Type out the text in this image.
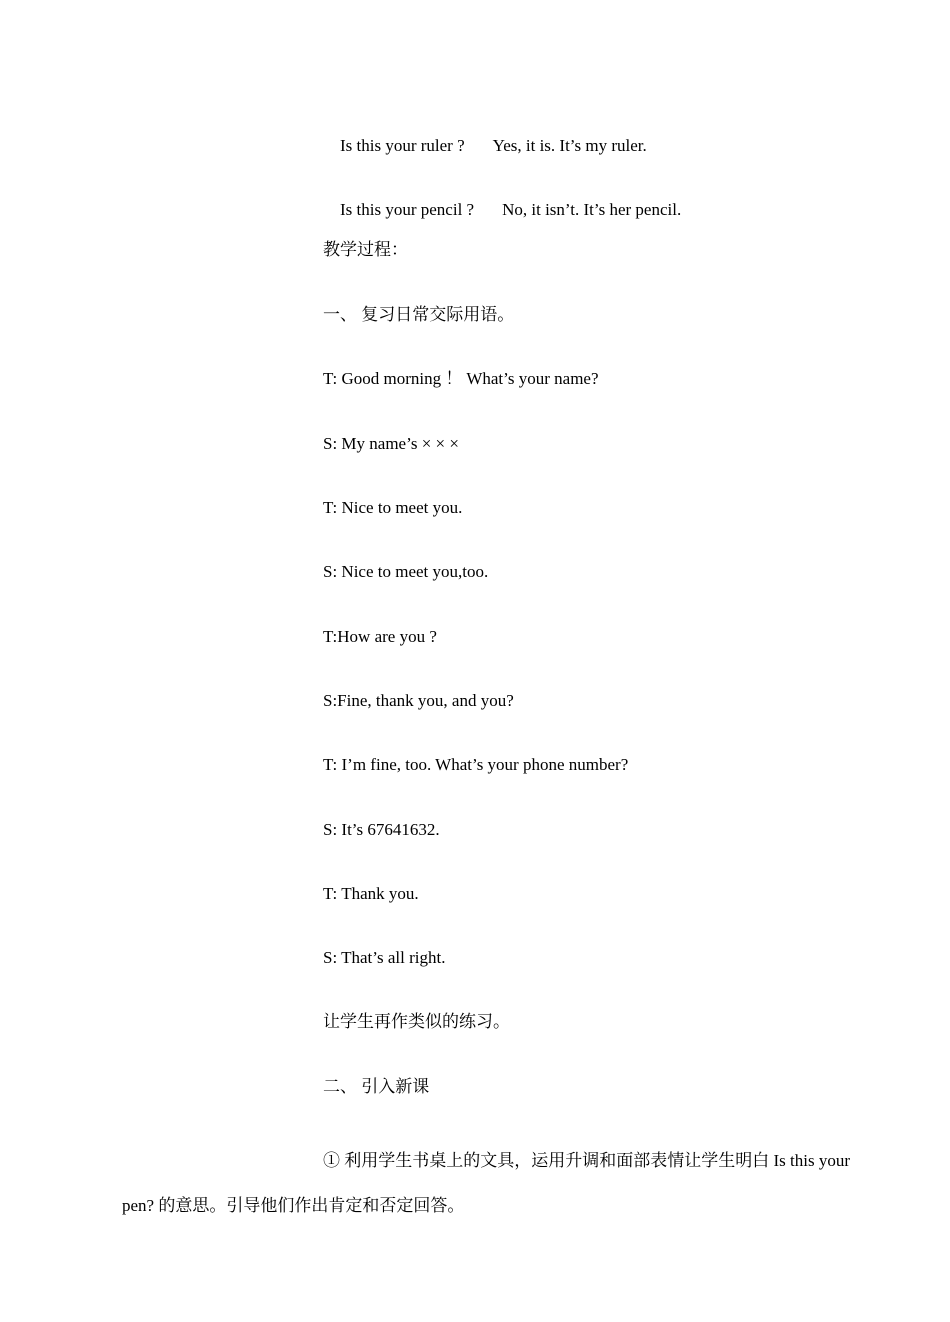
Is this your ruler ? Yes, it is. It’s my ruler.

Is this your pencil ? No, it isn’t. It’s her pencil.

教学过程：
一、 复习日常交际用语。
T: Good morning ！ What’s your name?
S: My name’s × × ×
T: Nice to meet you.
S: Nice to meet you,too.
T:How are you ?
S:Fine, thank you, and you?
T: I’m fine, too. What’s your phone number?
S: It’s 67641632.
T: Thank you.
S: That’s all right.
让学生再作类似的练习。
二、 引入新课
① 利用学生书桌上的文具，运用升调和面部表情让学生明白 Is this your pen? 的意思。引导他们作出肯定和否定回答。
